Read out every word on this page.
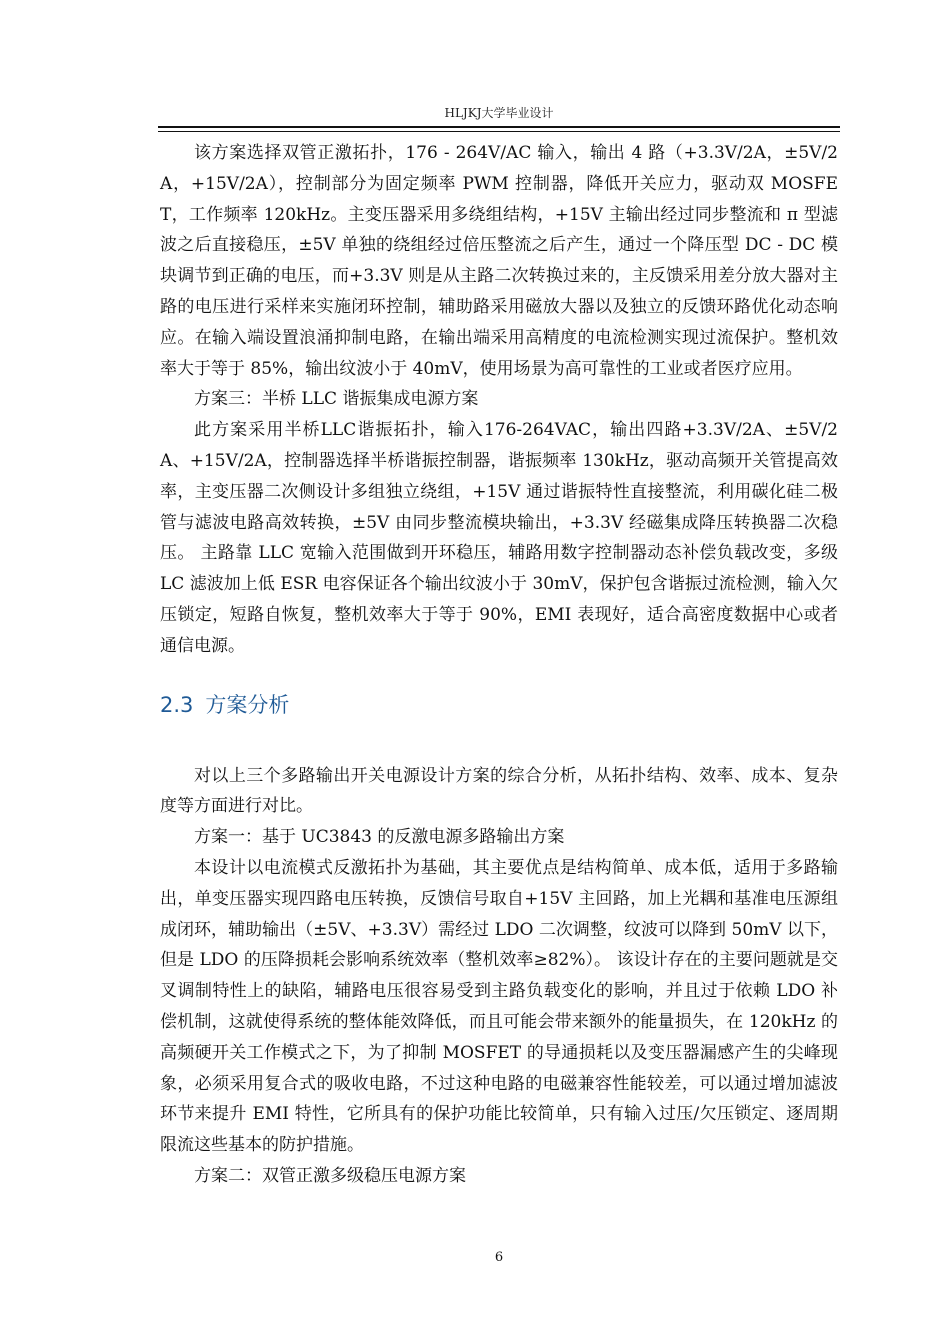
HLJKJ大学毕业设计

该方案选择双管正激拓扑，176 - 264V/AC 输入，输出 4 路（+3.3V/2A，±5V/2A，+15V/2A），控制部分为固定频率 PWM 控制器，降低开关应力，驱动双 MOSFET，工作频率 120kHz。主变压器采用多绕组结构，+15V 主输出经过同步整流和 π 型滤波之后直接稳压，±5V 单独的绕组经过倍压整流之后产生，通过一个降压型 DC - DC 模块调节到正确的电压，而+3.3V 则是从主路二次转换过来的，主反馈采用差分放大器对主路的电压进行采样来实施闭环控制，辅助路采用磁放大器以及独立的反馈环路优化动态响应。在输入端设置浪涌抑制电路，在输出端采用高精度的电流检测实现过流保护。整机效率大于等于 85%，输出纹波小于 40mV，使用场景为高可靠性的工业或者医疗应用。

方案三：半桥 LLC 谐振集成电源方案

此方案采用半桥LLC谐振拓扑，输入176-264VAC，输出四路+3.3V/2A、±5V/2A、+15V/2A，控制器选择半桥谐振控制器，谐振频率 130kHz，驱动高频开关管提高效率，主变压器二次侧设计多组独立绕组，+15V 通过谐振特性直接整流，利用碳化硅二极管与滤波电路高效转换，±5V 由同步整流模块输出，+3.3V 经磁集成降压转换器二次稳压。 主路靠 LLC 宽输入范围做到开环稳压，辅路用数字控制器动态补偿负载改变，多级 LC 滤波加上低 ESR 电容保证各个输出纹波小于 30mV，保护包含谐振过流检测，输入欠压锁定，短路自恢复，整机效率大于等于 90%，EMI 表现好，适合高密度数据中心或者通信电源。

2.3 方案分析

对以上三个多路输出开关电源设计方案的综合分析，从拓扑结构、效率、成本、复杂度等方面进行对比。

方案一：基于 UC3843 的反激电源多路输出方案

本设计以电流模式反激拓扑为基础，其主要优点是结构简单、成本低，适用于多路输出，单变压器实现四路电压转换，反馈信号取自+15V 主回路，加上光耦和基准电压源组成闭环，辅助输出（±5V、+3.3V）需经过 LDO 二次调整，纹波可以降到 50mV 以下，但是 LDO 的压降损耗会影响系统效率（整机效率≥82%）。 该设计存在的主要问题就是交叉调制特性上的缺陷，辅路电压很容易受到主路负载变化的影响，并且过于依赖 LDO 补偿机制，这就使得系统的整体能效降低，而且可能会带来额外的能量损失，在 120kHz 的高频硬开关工作模式之下，为了抑制 MOSFET 的导通损耗以及变压器漏感产生的尖峰现象，必须采用复合式的吸收电路，不过这种电路的电磁兼容性能较差，可以通过增加滤波环节来提升 EMI 特性，它所具有的保护功能比较简单，只有输入过压/欠压锁定、逐周期限流这些基本的防护措施。

方案二：双管正激多级稳压电源方案

6
